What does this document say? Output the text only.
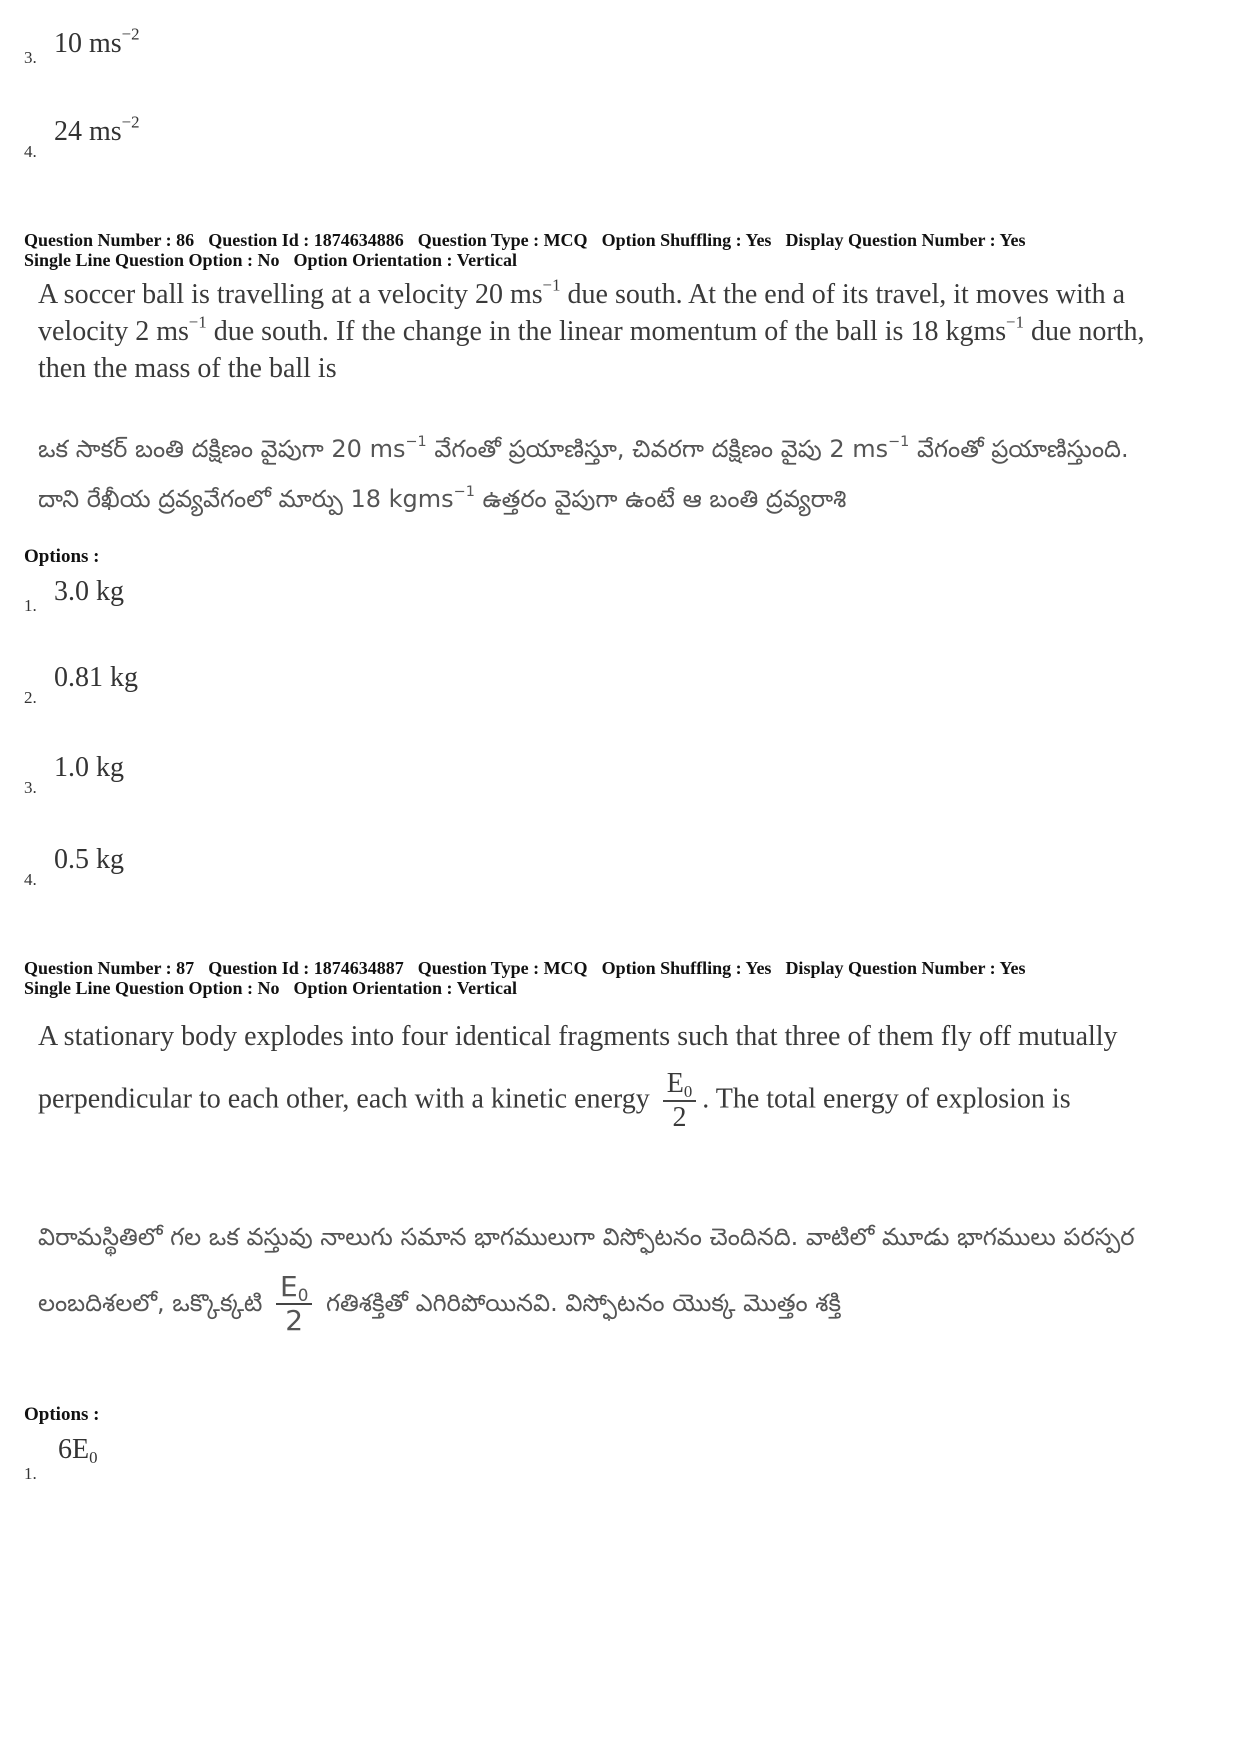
3. 10 $ms^{-2}$
4.
24 $ms^{-2}$
Question Number : 86 Question Id : 1874634886 Question Type : MCQ Option Shuffling : Yes Display Question Number : Yes
Single Line Question Option : No Option Orientation : Vertical
A soccer ball is travelling at a velocity 20 $ms^{-1}$ due south. At the end of its travel, it moves with a velocity 2 $ms^{-1}$ due south. If the change in the linear momentum of the ball is 18 kgms$^{-1}$ due north, then the mass of the ball is
ఒక సాకర్ బంతి దక్షిణం వైపుగా 20 $ms^{-1}$ వేగంతో ప్రయాణిస్తూ, చివరగా దక్షిణం వైపు 2 $ms^{-1}$ వేగంతో ప్రయాణిస్తుంది. దాని రేఖీయ ద్రవ్యవేగంలో మార్పు 18 kgms$^{-1}$ ఉత్తరం వైపుగా ఉంటే ఆ బంతి ద్రవ్యరాశి
Options :
1. 3.0 kg
2.
0.81 kg
3.
1.0 kg
4.
0.5 kg
Question Number : 87 Question Id : 1874634887 Question Type : MCQ Option Shuffling : Yes Display Question Number : Yes
Single Line Question Option : No Option Orientation : Vertical
A stationary body explodes into four identical fragments such that three of them fly off mutually perpendicular to each other, each with a kinetic energy $\frac{E_0}{2}$ . The total energy of explosion is
విరామస్థితిలో గల ఒక వస్తువు నాలుగు సమాన భాగములుగా విస్ఫోటనం చెందినది. వాటిలో మూడు భాగములు పరస్పర లంబదిశలలో, ఒక్కొక్కటి $\frac{E_0}{2}$ గతిశక్తితో ఎగిరిపోయినవి. విస్ఫోటనం యొక్క మొత్తం శక్తి
Options :
1.
$6E_0$
